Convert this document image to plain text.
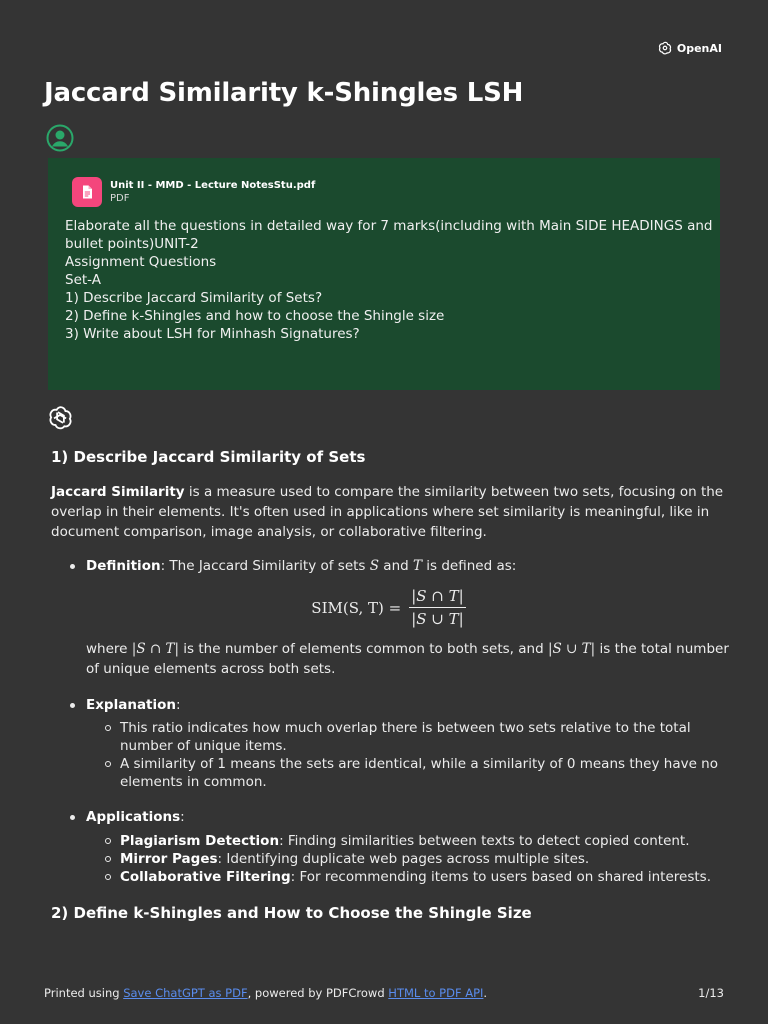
OpenAI
Jaccard Similarity k-Shingles LSH
Unit II - MMD - Lecture NotesStu.pdf
PDF
Elaborate all the questions in detailed way for 7 marks(including with Main SIDE HEADINGS and
bullet points)UNIT-2
Assignment Questions
Set-A
1) Describe Jaccard Similarity of Sets?
2) Define k-Shingles and how to choose the Shingle size
3) Write about LSH for Minhash Signatures?
1) Describe Jaccard Similarity of Sets

Jaccard Similarity is a measure used to compare the similarity between two sets, focusing on the overlap in their elements. It's often used in applications where set similarity is meaningful, like in document comparison, image analysis, or collaborative filtering.

Definition: The Jaccard Similarity of sets S and T is defined as:
SIM(S, $T) = \frac{|S \cap T|}{|S \cup T|}$
where |S ∩ T| is the number of elements common to both sets, and |S ∪ T| is the total number of unique elements across both sets.
Explanation:
This ratio indicates how much overlap there is between two sets relative to the total number of unique items.
A similarity of 1 means the sets are identical, while a similarity of 0 means they have no elements in common.
Applications:
Plagiarism Detection: Finding similarities between texts to detect copied content.
Mirror Pages: Identifying duplicate web pages across multiple sites.
Collaborative Filtering: For recommending items to users based on shared interests.
2) Define k-Shingles and How to Choose the Shingle Size
Printed using Save ChatGPT as PDF, powered by PDFCrowd HTML to PDF API.	1/13
